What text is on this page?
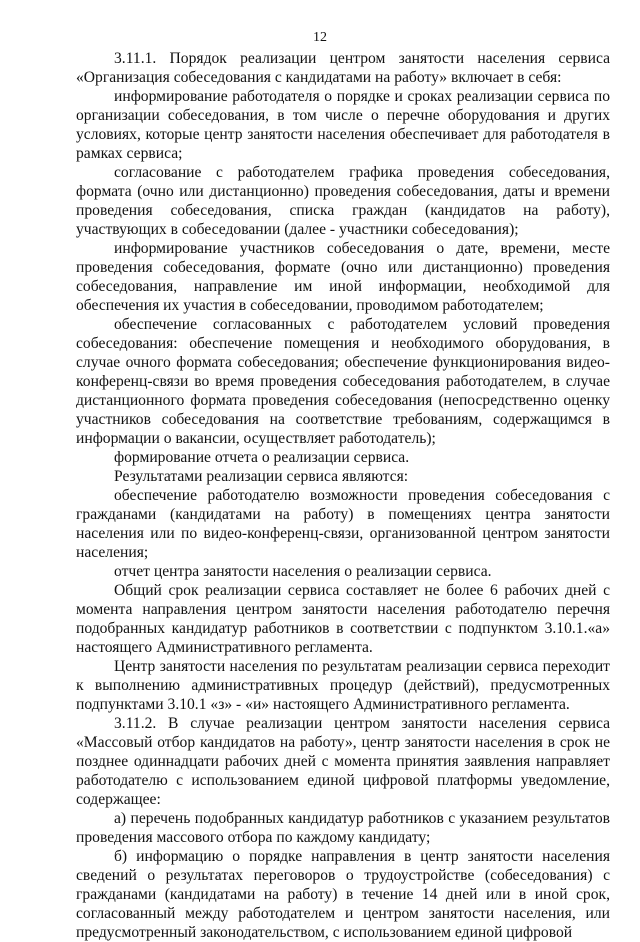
12

3.11.1. Порядок реализации центром занятости населения сервиса «Организация собеседования с кандидатами на работу» включает в себя:

информирование работодателя о порядке и сроках реализации сервиса по организации собеседования, в том числе о перечне оборудования и других условиях, которые центр занятости населения обеспечивает для работодателя в рамках сервиса;

согласование с работодателем графика проведения собеседования, формата (очно или дистанционно) проведения собеседования, даты и времени проведения собеседования, списка граждан (кандидатов на работу), участвующих в собеседовании (далее - участники собеседования);

информирование участников собеседования о дате, времени, месте проведения собеседования, формате (очно или дистанционно) проведения собеседования, направление им иной информации, необходимой для обеспечения их участия в собеседовании, проводимом работодателем;

обеспечение согласованных с работодателем условий проведения собеседования: обеспечение помещения и необходимого оборудования, в случае очного формата собеседования; обеспечение функционирования видео-конференц-связи во время проведения собеседования работодателем, в случае дистанционного формата проведения собеседования (непосредственно оценку участников собеседования на соответствие требованиям, содержащимся в информации о вакансии, осуществляет работодатель);

формирование отчета о реализации сервиса.

Результатами реализации сервиса являются:

обеспечение работодателю возможности проведения собеседования с гражданами (кандидатами на работу) в помещениях центра занятости населения или по видео-конференц-связи, организованной центром занятости населения;

отчет центра занятости населения о реализации сервиса.

Общий срок реализации сервиса составляет не более 6 рабочих дней с момента направления центром занятости населения работодателю перечня подобранных кандидатур работников в соответствии с подпунктом 3.10.1.«а» настоящего Административного регламента.

Центр занятости населения по результатам реализации сервиса переходит к выполнению административных процедур (действий), предусмотренных подпунктами 3.10.1 «з» - «и» настоящего Административного регламента.

3.11.2. В случае реализации центром занятости населения сервиса «Массовый отбор кандидатов на работу», центр занятости населения в срок не позднее одиннадцати рабочих дней с момента принятия заявления направляет работодателю с использованием единой цифровой платформы уведомление, содержащее:

а) перечень подобранных кандидатур работников с указанием результатов проведения массового отбора по каждому кандидату;

б) информацию о порядке направления в центр занятости населения сведений о результатах переговоров о трудоустройстве (собеседования) с гражданами (кандидатами на работу) в течение 14 дней или в иной срок, согласованный между работодателем и центром занятости населения, или предусмотренный законодательством, с использованием единой цифровой
